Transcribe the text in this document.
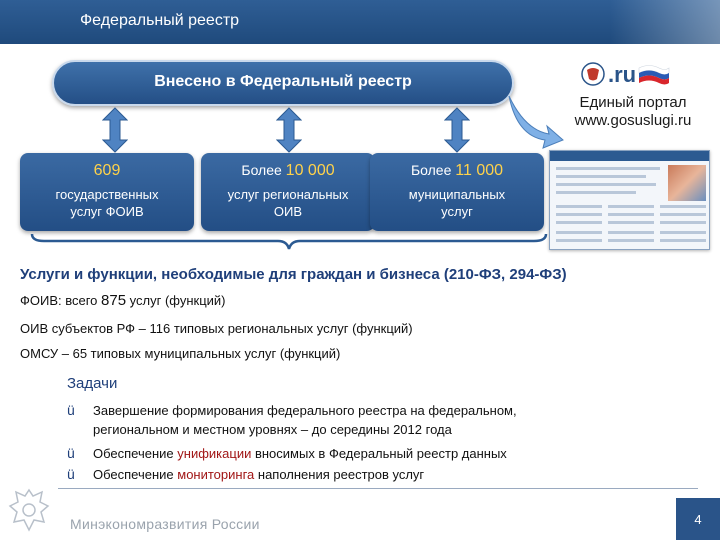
Федеральный реестр
Внесено в Федеральный реестр
609
государственных
услуг ФОИВ
Более 10 000
услуг региональных
ОИВ
Более 11 000
муниципальных
услуг
.ru
Единый портал
www.gosuslugi.ru
Услуги и функции, необходимые для граждан и бизнеса (210-ФЗ, 294-ФЗ)
ФОИВ: всего 875 услуг (функций)
ОИВ субъектов РФ – 116 типовых региональных услуг (функций)
ОМСУ – 65 типовых муниципальных услуг (функций)
Задачи
ü	Завершение формирования федерального реестра на федеральном,
региональном и местном уровнях – до середины 2012 года
ü	Обеспечение унификации вносимых в Федеральный реестр данных
ü	Обеспечение мониторинга наполнения реестров услуг
Минэкономразвития России	4
